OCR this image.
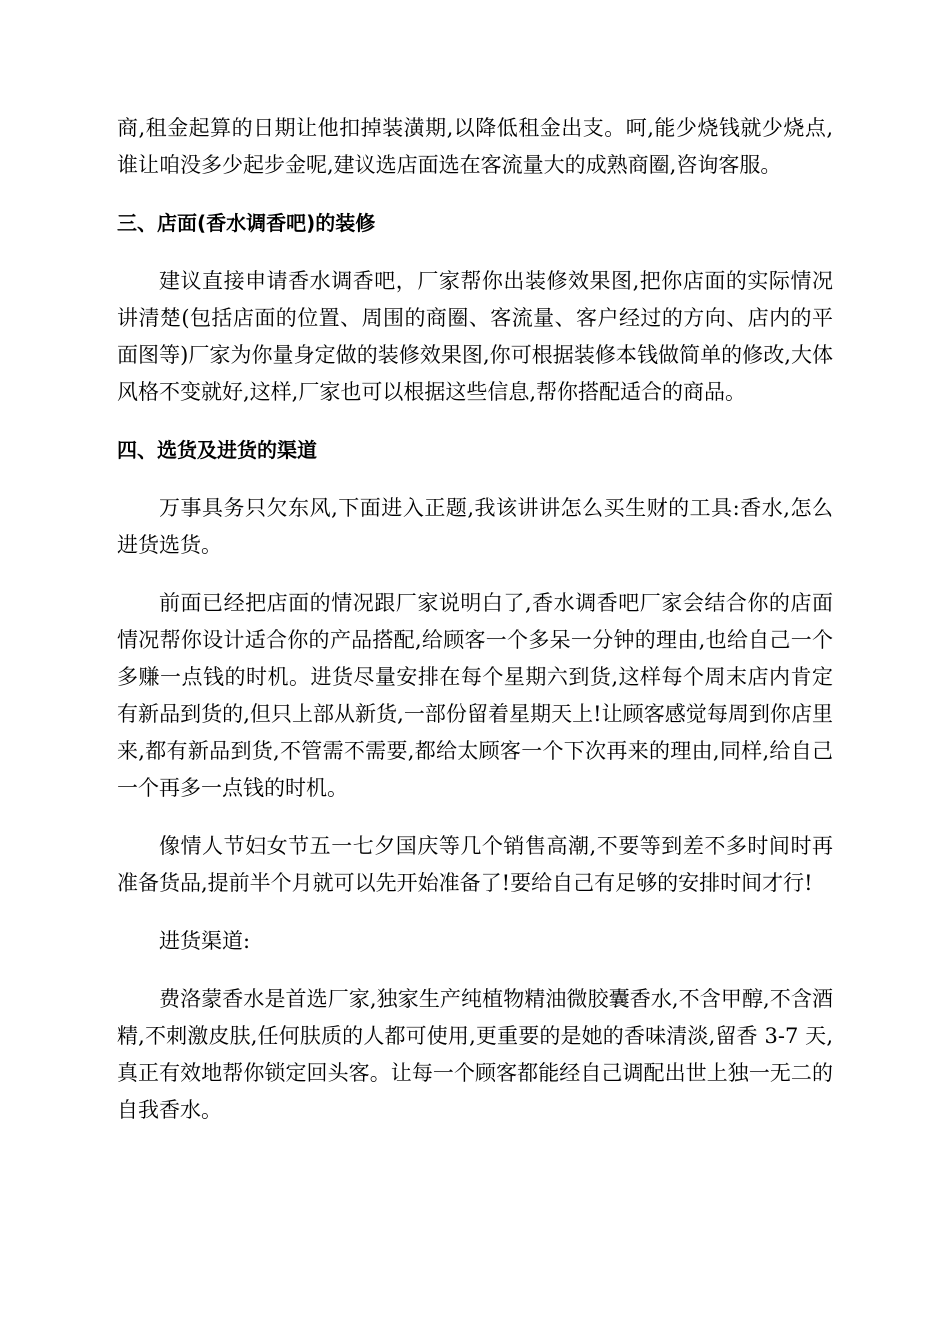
商,租金起算的日期让他扣掉装潢期,以降低租金出支。呵,能少烧钱就少烧点,谁让咱没多少起步金呢,建议选店面选在客流量大的成熟商圈,咨询客服。

三、店面(香水调香吧)的装修

建议直接申请香水调香吧，厂家帮你出装修效果图,把你店面的实际情况讲清楚(包括店面的位置、周围的商圈、客流量、客户经过的方向、店内的平面图等)厂家为你量身定做的装修效果图,你可根据装修本钱做简单的修改,大体风格不变就好,这样,厂家也可以根据这些信息,帮你搭配适合的商品。

四、选货及进货的渠道

万事具务只欠东风,下面进入正题,我该讲讲怎么买生财的工具:香水,怎么进货选货。

前面已经把店面的情况跟厂家说明白了,香水调香吧厂家会结合你的店面情况帮你设计适合你的产品搭配,给顾客一个多呆一分钟的理由,也给自己一个多赚一点钱的时机。进货尽量安排在每个星期六到货,这样每个周末店内肯定有新品到货的,但只上部从新货,一部份留着星期天上!让顾客感觉每周到你店里来,都有新品到货,不管需不需要,都给太顾客一个下次再来的理由,同样,给自己一个再多一点钱的时机。

像情人节妇女节五一七夕国庆等几个销售高潮,不要等到差不多时间时再准备货品,提前半个月就可以先开始准备了!要给自己有足够的安排时间才行!

进货渠道:

费洛蒙香水是首选厂家,独家生产纯植物精油微胶囊香水,不含甲醇,不含酒精,不刺激皮肤,任何肤质的人都可使用,更重要的是她的香味清淡,留香 3-7 天,真正有效地帮你锁定回头客。让每一个顾客都能经自己调配出世上独一无二的自我香水。
